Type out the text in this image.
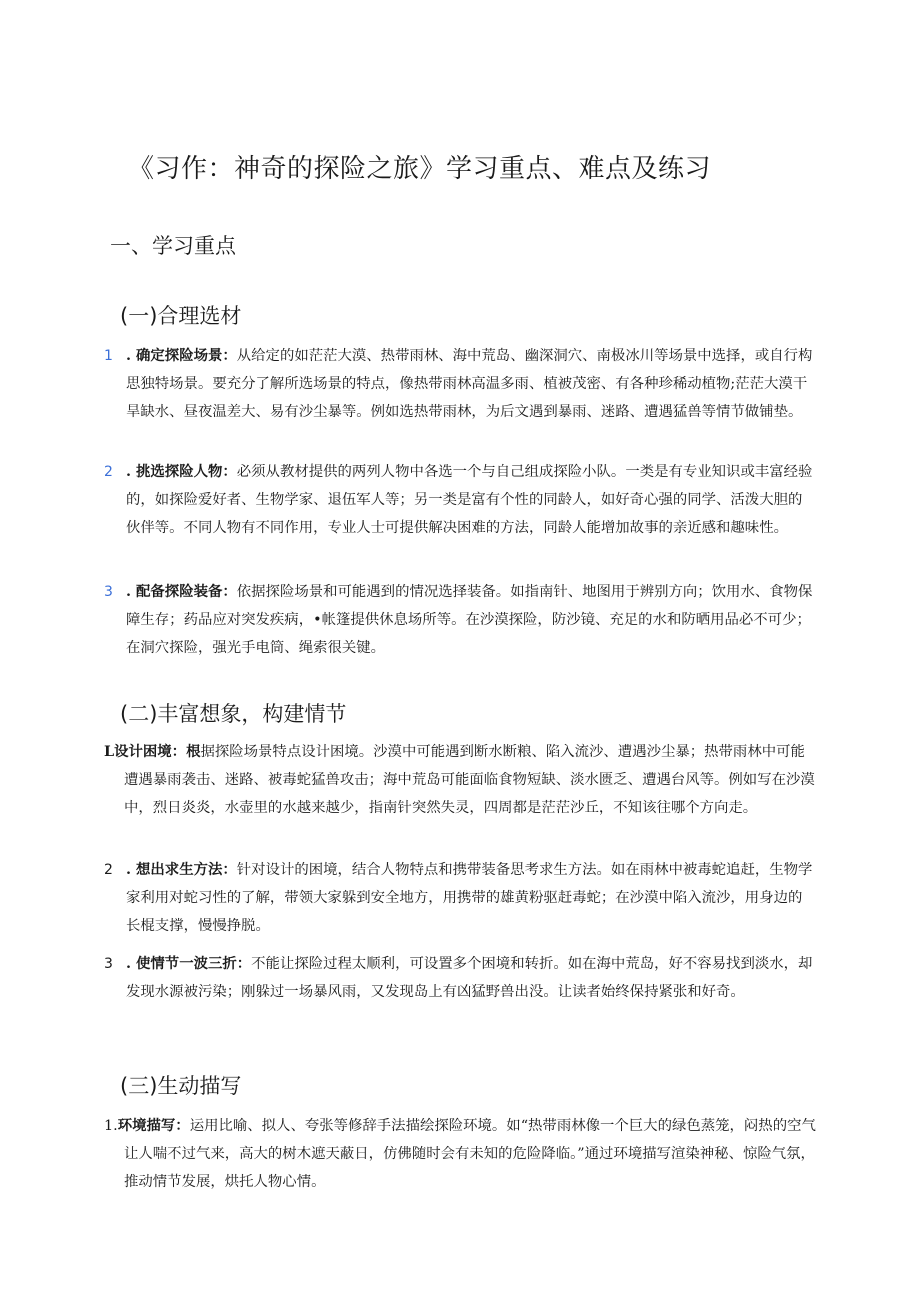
《习作：神奇的探险之旅》学习重点、难点及练习
一、学习重点
(一)合理选材
1 . 确定探险场景：从给定的如茫茫大漠、热带雨林、海中荒岛、幽深洞穴、南极冰川等场景中选择，或自行构思独特场景。要充分了解所选场景的特点，像热带雨林高温多雨、植被茂密、有各种珍稀动植物;茫茫大漠干旱缺水、昼夜温差大、易有沙尘暴等。例如选热带雨林，为后文遇到暴雨、迷路、遭遇猛兽等情节做铺垫。
2 . 挑选探险人物：必须从教材提供的两列人物中各选一个与自己组成探险小队。一类是有专业知识或丰富经验的，如探险爱好者、生物学家、退伍军人等；另一类是富有个性的同龄人，如好奇心强的同学、活泼大胆的伙伴等。不同人物有不同作用，专业人士可提供解决困难的方法，同龄人能增加故事的亲近感和趣味性。
3 . 配备探险装备：依据探险场景和可能遇到的情况选择装备。如指南针、地图用于辨别方向；饮用水、食物保障生存；药品应对突发疾病，•帐篷提供休息场所等。在沙漠探险，防沙镜、充足的水和防晒用品必不可少；在洞穴探险，强光手电筒、绳索很关键。
(二)丰富想象，构建情节
L设计困境：根据探险场景特点设计困境。沙漠中可能遇到断水断粮、陷入流沙、遭遇沙尘暴；热带雨林中可能遭遇暴雨袭击、迷路、被毒蛇猛兽攻击；海中荒岛可能面临食物短缺、淡水匮乏、遭遇台风等。例如写在沙漠中，烈日炎炎，水壶里的水越来越少，指南针突然失灵，四周都是茫茫沙丘，不知该往哪个方向走。
2 . 想出求生方法：针对设计的困境，结合人物特点和携带装备思考求生方法。如在雨林中被毒蛇追赶，生物学家利用对蛇习性的了解，带领大家躲到安全地方，用携带的雄黄粉驱赶毒蛇；在沙漠中陷入流沙，用身边的长棍支撑，慢慢挣脱。
3 . 使情节一波三折：不能让探险过程太顺利，可设置多个困境和转折。如在海中荒岛，好不容易找到淡水，却发现水源被污染；刚躲过一场暴风雨，又发现岛上有凶猛野兽出没。让读者始终保持紧张和好奇。
(三)生动描写
1.环境描写：运用比喻、拟人、夸张等修辞手法描绘探险环境。如“热带雨林像一个巨大的绿色蒸笼，闷热的空气让人喘不过气来，高大的树木遮天蔽日，仿佛随时会有未知的危险降临。”通过环境描写渲染神秘、惊险气氛，推动情节发展，烘托人物心情。
